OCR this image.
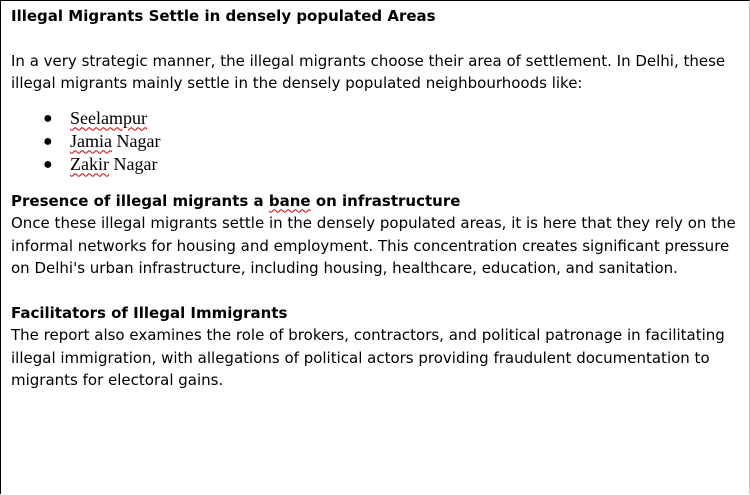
Illegal Migrants Settle in densely populated Areas

In a very strategic manner, the illegal migrants choose their area of settlement. In Delhi, these illegal migrants mainly settle in the densely populated neighbourhoods like:

● Seelampur
● Jamia Nagar
● Zakir Nagar
Presence of illegal migrants a bane on infrastructure

Once these illegal migrants settle in the densely populated areas, it is here that they rely on the informal networks for housing and employment. This concentration creates significant pressure on Delhi's urban infrastructure, including housing, healthcare, education, and sanitation.

Facilitators of Illegal Immigrants

The report also examines the role of brokers, contractors, and political patronage in facilitating illegal immigration, with allegations of political actors providing fraudulent documentation to migrants for electoral gains.
